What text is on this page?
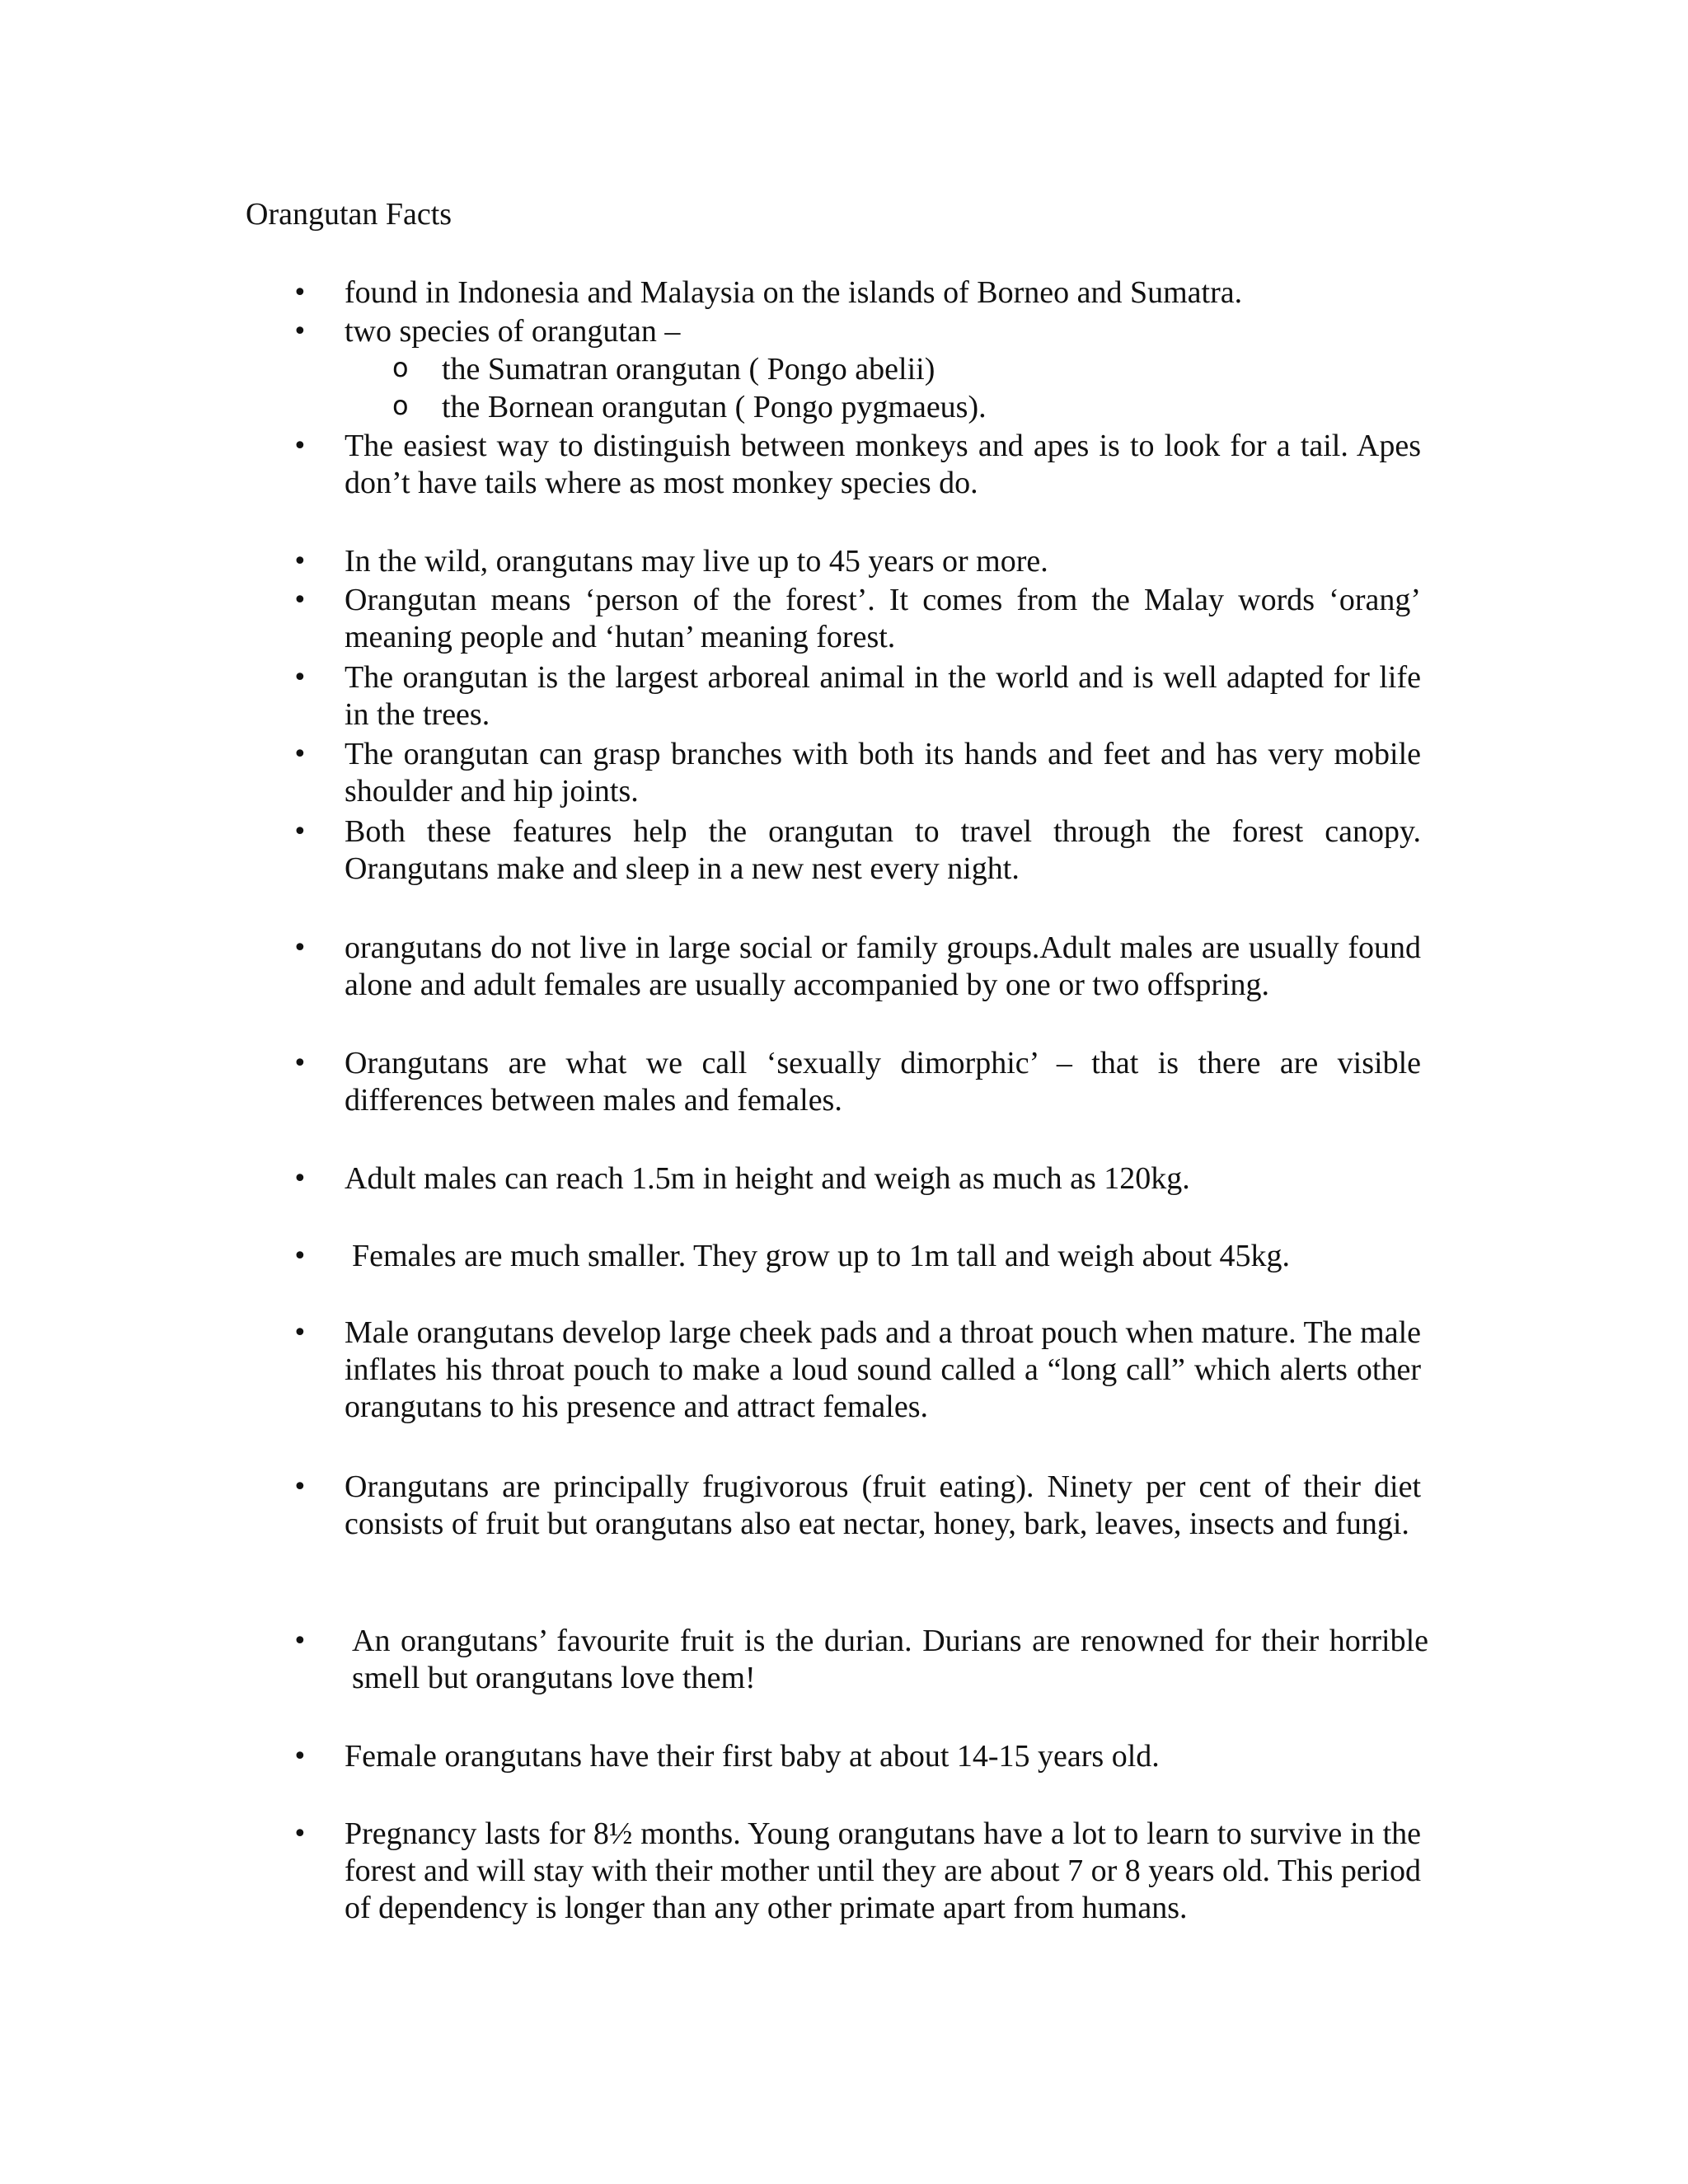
Orangutan Facts
• found in Indonesia and Malaysia on the islands of Borneo and Sumatra.
• two species of orangutan –
o the Sumatran orangutan ( Pongo abelii)
o the Bornean orangutan ( Pongo pygmaeus).
• The easiest way to distinguish between monkeys and apes is to look for a tail. Apes don’t have tails where as most monkey species do.
• In the wild, orangutans may live up to 45 years or more.
• Orangutan means ‘person of the forest’. It comes from the Malay words ‘orang’ meaning people and ‘hutan’ meaning forest.
• The orangutan is the largest arboreal animal in the world and is well adapted for life in the trees.
• The orangutan can grasp branches with both its hands and feet and has very mobile shoulder and hip joints.
• Both these features help the orangutan to travel through the forest canopy. Orangutans make and sleep in a new nest every night.
• orangutans do not live in large social or family groups.Adult males are usually found alone and adult females are usually accompanied by one or two offspring.
• Orangutans are what we call ‘sexually dimorphic’ – that is there are visible differences between males and females.
• Adult males can reach 1.5m in height and weigh as much as 120kg.
• Females are much smaller. They grow up to 1m tall and weigh about 45kg.
• Male orangutans develop large cheek pads and a throat pouch when mature. The male inflates his throat pouch to make a loud sound called a “long call” which alerts other orangutans to his presence and attract females.
• Orangutans are principally frugivorous (fruit eating). Ninety per cent of their diet consists of fruit but orangutans also eat nectar, honey, bark, leaves, insects and fungi.
• An orangutans’ favourite fruit is the durian. Durians are renowned for their horrible smell but orangutans love them!
• Female orangutans have their first baby at about 14-15 years old.
• Pregnancy lasts for 8½ months. Young orangutans have a lot to learn to survive in the forest and will stay with their mother until they are about 7 or 8 years old. This period of dependency is longer than any other primate apart from humans.
